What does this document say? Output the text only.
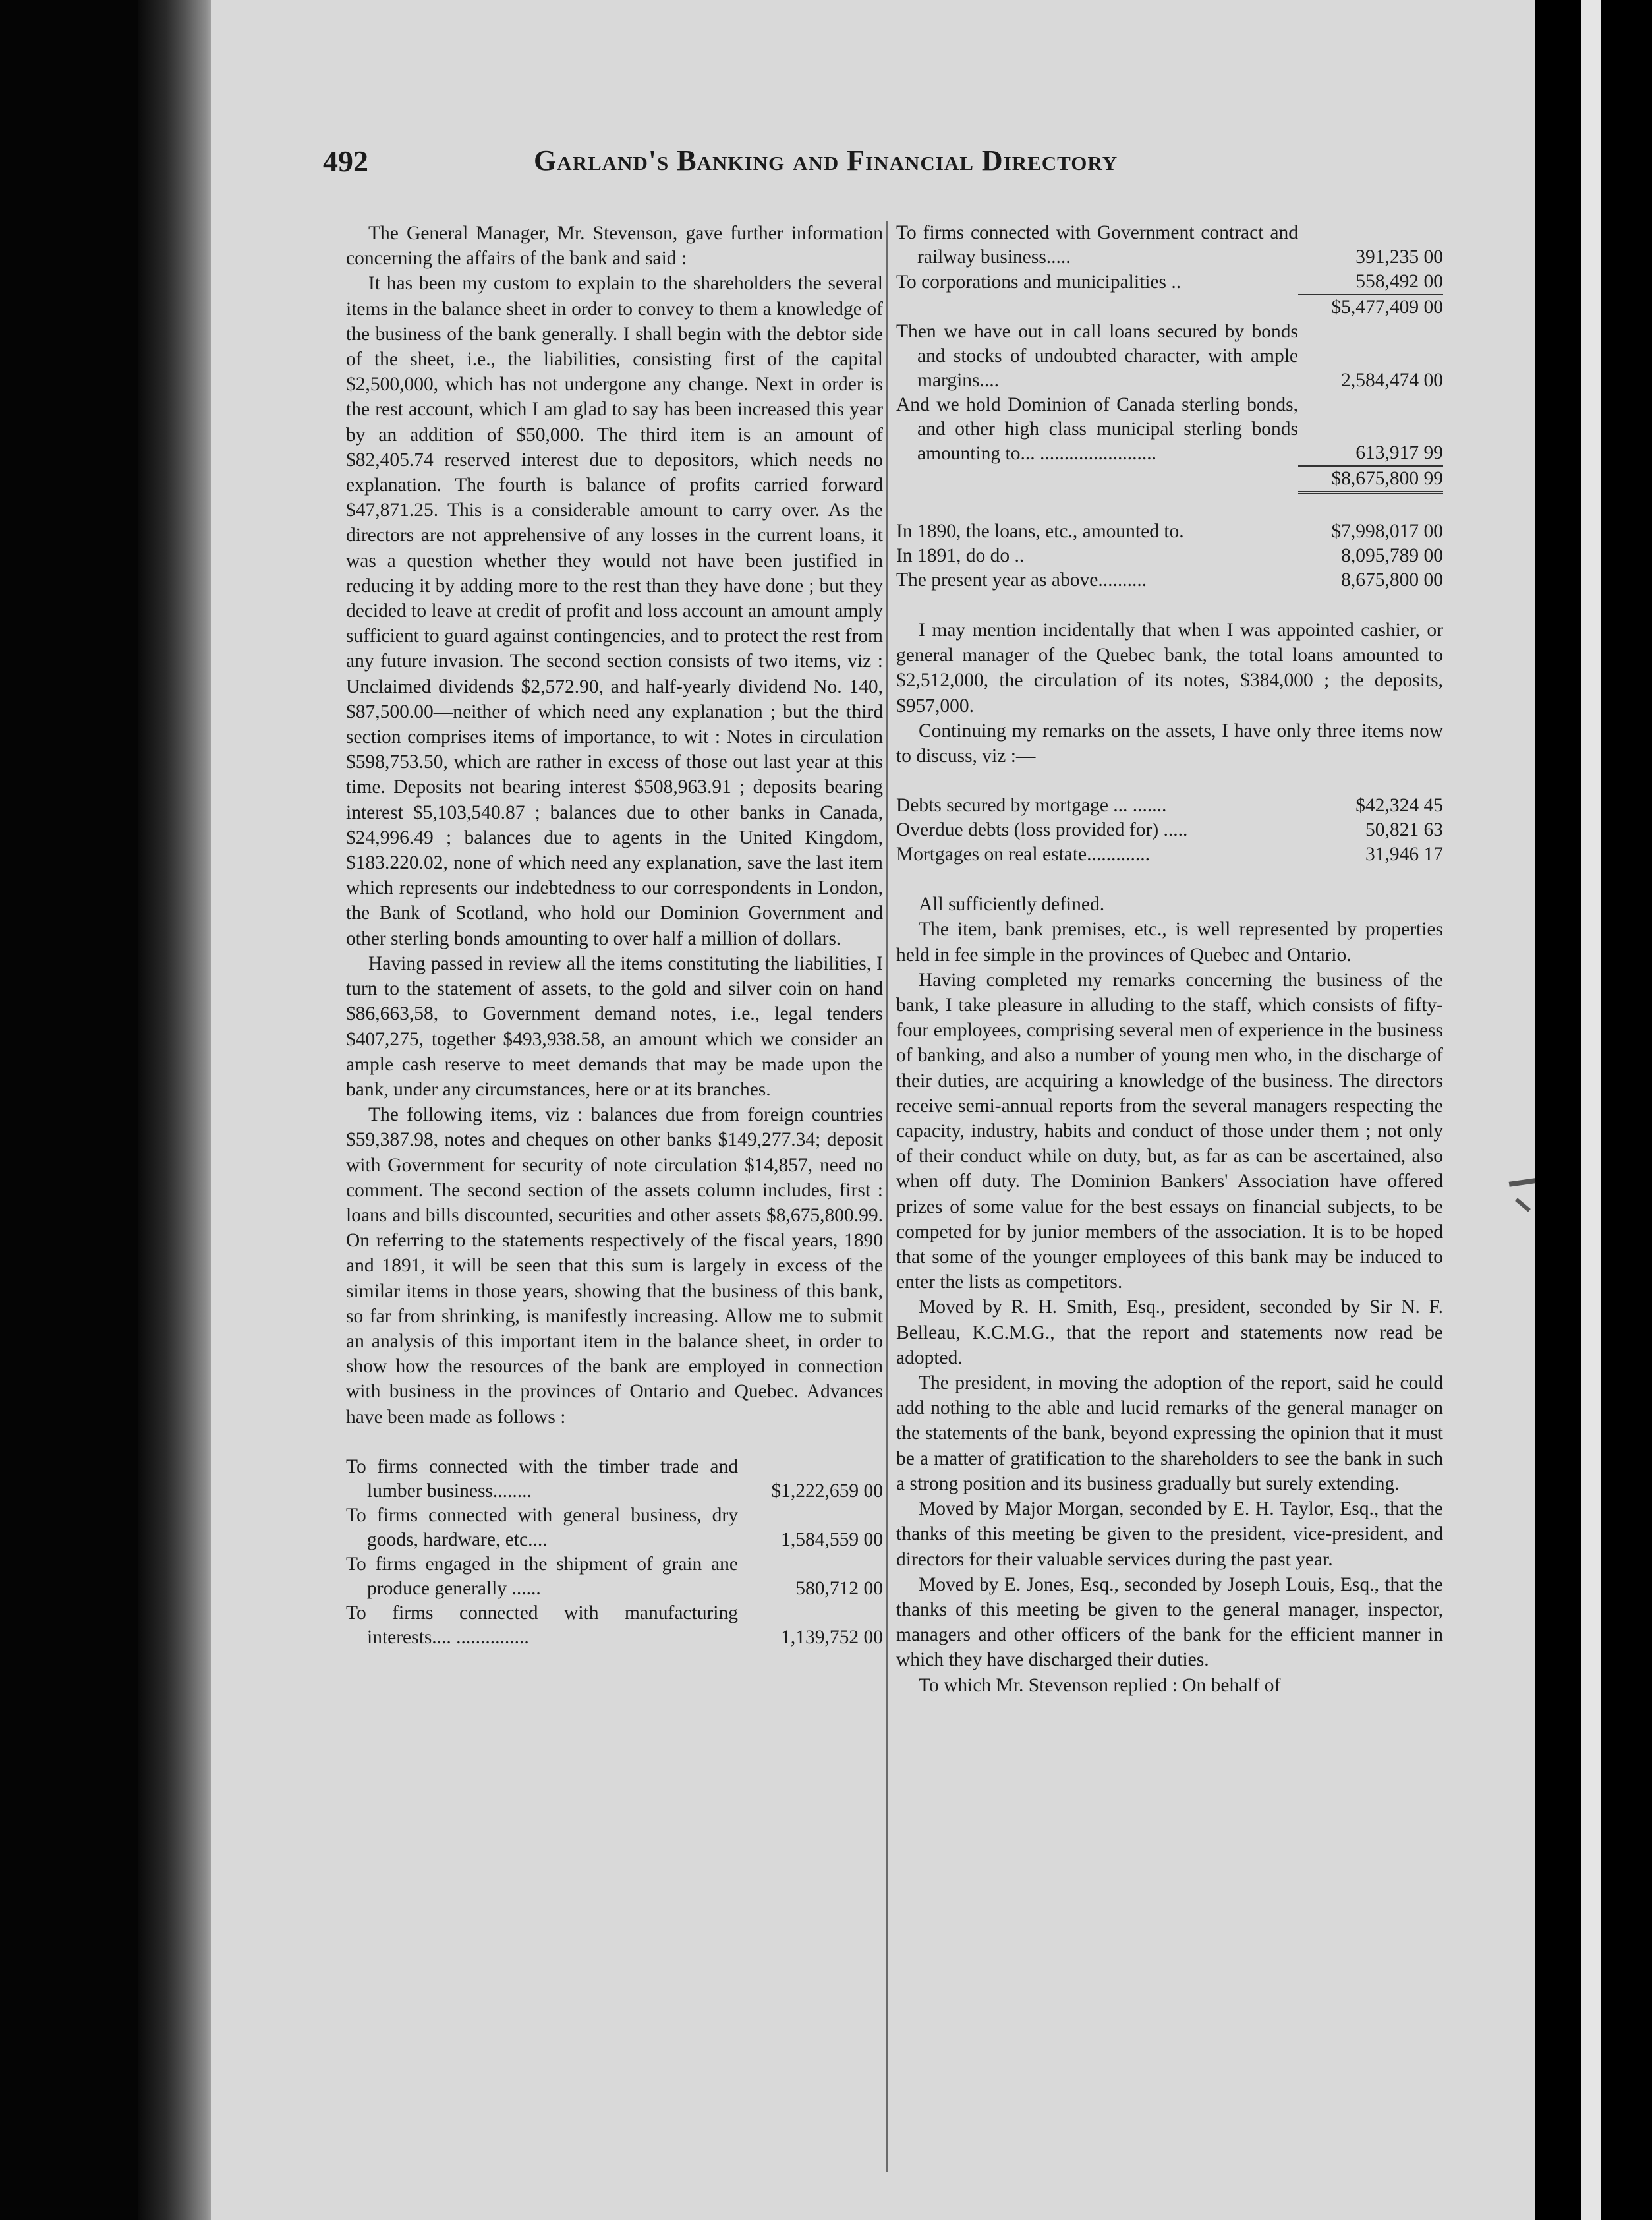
492	Garland's Banking and Financial Directory

The General Manager, Mr. Stevenson, gave further information concerning the affairs of the bank and said :

It has been my custom to explain to the shareholders the several items in the balance sheet in order to convey to them a knowledge of the business of the bank generally. I shall begin with the debtor side of the sheet, i.e., the liabilities, consisting first of the capital $2,500,000, which has not undergone any change. Next in order is the rest account, which I am glad to say has been increased this year by an addition of $50,000. The third item is an amount of $82,405.74 reserved interest due to depositors, which needs no explanation. The fourth is balance of profits carried forward $47,871.25. This is a considerable amount to carry over. As the directors are not apprehensive of any losses in the current loans, it was a question whether they would not have been justified in reducing it by adding more to the rest than they have done ; but they decided to leave at credit of profit and loss account an amount amply sufficient to guard against contingencies, and to protect the rest from any future invasion. The second section consists of two items, viz : Unclaimed dividends $2,572.90, and half-yearly dividend No. 140, $87,500.00—neither of which need any explanation ; but the third section comprises items of importance, to wit : Notes in circulation $598,753.50, which are rather in excess of those out last year at this time. Deposits not bearing interest $508,963.91 ; deposits bearing interest $5,103,540.87 ; balances due to other banks in Canada, $24,996.49 ; balances due to agents in the United Kingdom, $183.220.02, none of which need any explanation, save the last item which represents our indebtedness to our correspondents in London, the Bank of Scotland, who hold our Dominion Government and other sterling bonds amounting to over half a million of dollars.

Having passed in review all the items constituting the liabilities, I turn to the statement of assets, to the gold and silver coin on hand $86,663,58, to Government demand notes, i.e., legal tenders $407,275, together $493,938.58, an amount which we consider an ample cash reserve to meet demands that may be made upon the bank, under any circumstances, here or at its branches.

The following items, viz : balances due from foreign countries $59,387.98, notes and cheques on other banks $149,277.34; deposit with Government for security of note circulation $14,857, need no comment. The second section of the assets column includes, first : loans and bills discounted, securities and other assets $8,675,800.99. On referring to the statements respectively of the fiscal years, 1890 and 1891, it will be seen that this sum is largely in excess of the similar items in those years, showing that the business of this bank, so far from shrinking, is manifestly increasing. Allow me to submit an analysis of this important item in the balance sheet, in order to show how the resources of the bank are employed in connection with business in the provinces of Ontario and Quebec. Advances have been made as follows :

To firms connected with the timber trade and lumber business........	$1,222,659 00
To firms connected with general business, dry goods, hardware, etc....	1,584,559 00
To firms engaged in the shipment of grain ane produce generally ......	580,712 00
To firms connected with manufacturing interests.... ...............	1,139,752 00
To firms connected with Government contract and railway business.....	391,235 00
To corporations and municipalities ..	558,492 00
	$5,477,409 00
Then we have out in call loans secured by bonds and stocks of undoubted character, with ample margins....	2,584,474 00
And we hold Dominion of Canada sterling bonds, and other high class municipal sterling bonds amounting to... ........................	613,917 99
	$8,675,800 99
In 1890, the loans, etc., amounted to.	$7,998,017 00
In 1891, do do ..	8,095,789 00
The present year as above..........	8,675,800 00

I may mention incidentally that when I was appointed cashier, or general manager of the Quebec bank, the total loans amounted to $2,512,000, the circulation of its notes, $384,000 ; the deposits, $957,000.

Continuing my remarks on the assets, I have only three items now to discuss, viz :—

Debts secured by mortgage ... .......	$42,324 45
Overdue debts (loss provided for) .....	50,821 63
Mortgages on real estate.............	31,946 17

All sufficiently defined.

The item, bank premises, etc., is well represented by properties held in fee simple in the provinces of Quebec and Ontario.

Having completed my remarks concerning the business of the bank, I take pleasure in alluding to the staff, which consists of fifty-four employees, comprising several men of experience in the business of banking, and also a number of young men who, in the discharge of their duties, are acquiring a knowledge of the business. The directors receive semi-annual reports from the several managers respecting the capacity, industry, habits and conduct of those under them ; not only of their conduct while on duty, but, as far as can be ascertained, also when off duty. The Dominion Bankers' Association have offered prizes of some value for the best essays on financial subjects, to be competed for by junior members of the association. It is to be hoped that some of the younger employees of this bank may be induced to enter the lists as competitors.

Moved by R. H. Smith, Esq., president, seconded by Sir N. F. Belleau, K.C.M.G., that the report and statements now read be adopted.

The president, in moving the adoption of the report, said he could add nothing to the able and lucid remarks of the general manager on the statements of the bank, beyond expressing the opinion that it must be a matter of gratification to the shareholders to see the bank in such a strong position and its business gradually but surely extending.

Moved by Major Morgan, seconded by E. H. Taylor, Esq., that the thanks of this meeting be given to the president, vice-president, and directors for their valuable services during the past year.

Moved by E. Jones, Esq., seconded by Joseph Louis, Esq., that the thanks of this meeting be given to the general manager, inspector, managers and other officers of the bank for the efficient manner in which they have discharged their duties.

To which Mr. Stevenson replied : On behalf of
